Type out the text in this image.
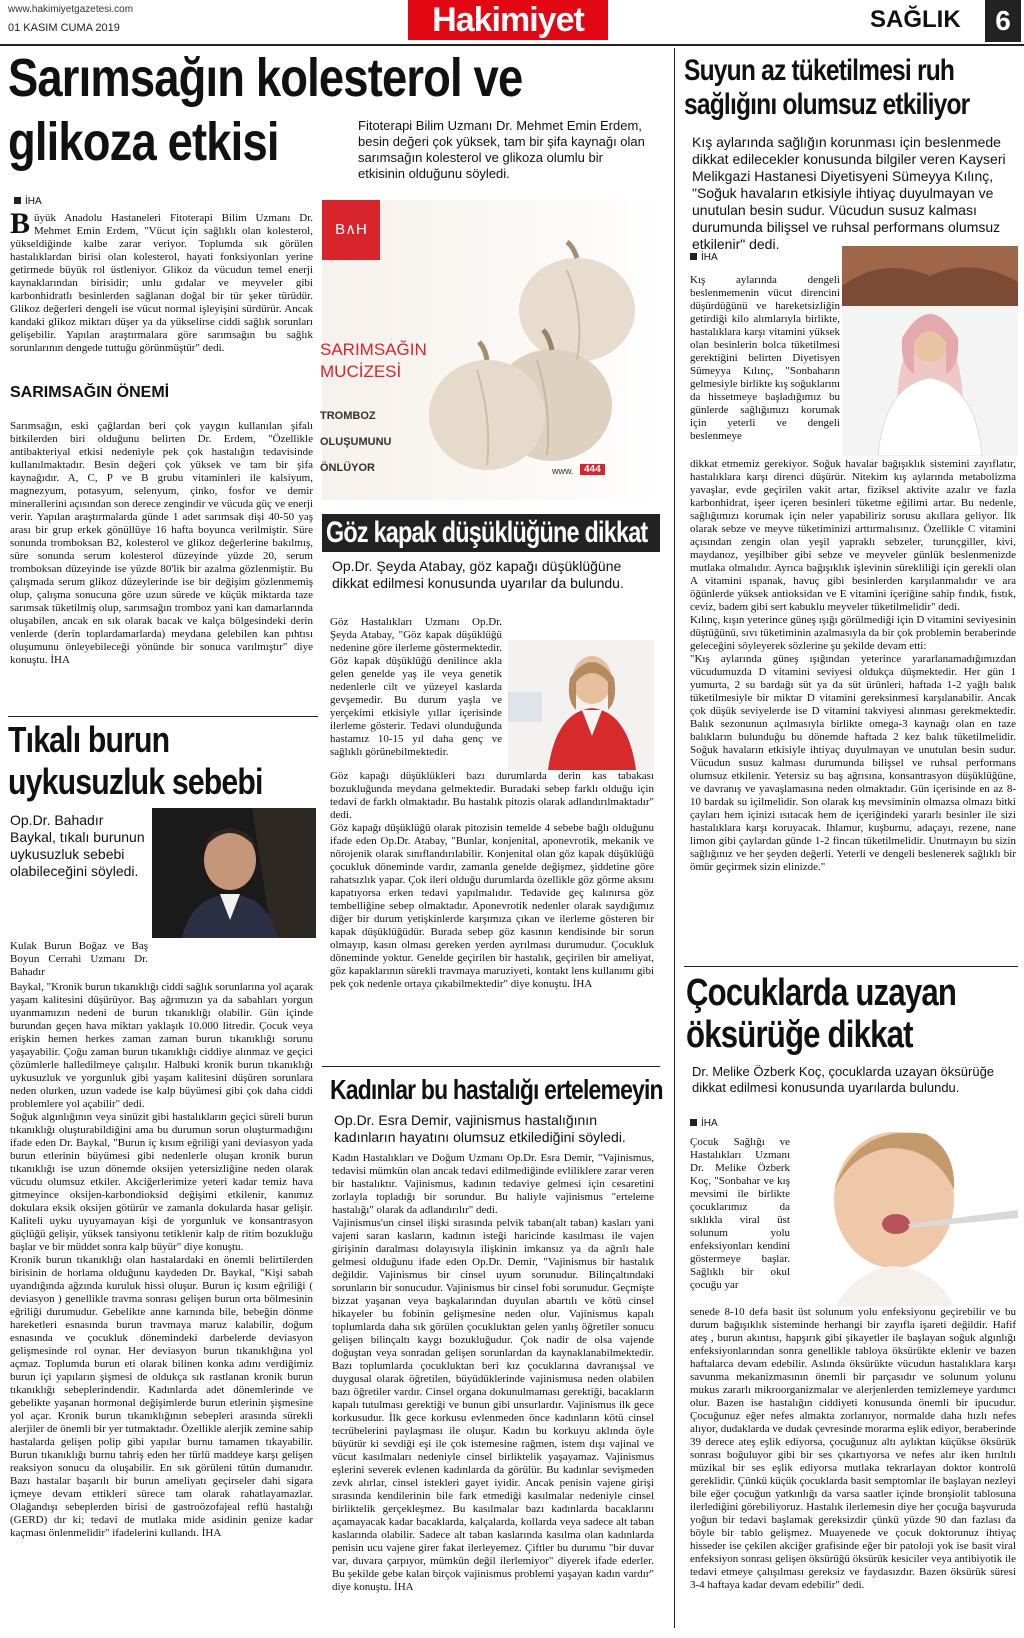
www.hakimiyetgazetesi.com
01 KASIM CUMA 2019	Hakimiyet	SAĞLIK	6
Sarımsağın kolesterol ve
glikoza etkisi	Fitoterapi Bilim Uzmanı Dr. Mehmet Emin Erdem, besin değeri çok yüksek, tam bir şifa kaynağı olan sarımsağın kolesterol ve glikoza olumlu bir etkisinin olduğunu söyledi.
İHA
Büyük Anadolu Hastaneleri Fitoterapi Bilim Uzmanı Dr. Mehmet Emin Erdem, "Vücut için sağlıklı olan kolesterol, yükseldiğinde kalbe zarar veriyor. Toplumda sık görülen hastalıklardan birisi olan kolesterol, hayati fonksiyonları yerine getirmede büyük rol üstleniyor. Glikoz da vücudun temel enerji kaynaklarından birisidir; unlu gıdalar ve meyveler gibi karbonhidratlı besinlerden sağlanan doğal bir tür şeker türüdür. Glikoz değerleri dengeli ise vücut normal işleyişini sürdürür. Ancak kandaki glikoz miktarı düşer ya da yükselirse ciddi sağlık sorunları gelişebilir. Yapılan araştırmalara göre sarımsağın bu sağlık sorunlarının dengede tuttuğu görünmüştür" dedi.
SARIMSAĞIN ÖNEMİ
Sarımsağın, eski çağlardan beri çok yaygın kullanılan şifalı bitkilerden biri olduğunu belirten Dr. Erdem, "Özellikle antibakteriyal etkisi nedeniyle pek çok hastalığın tedavisinde kullanılmaktadır. Besin değeri çok yüksek ve tam bir şifa kaynağıdır. A, C, P ve B grubu vitaminleri ile kalsiyum, magnezyum, potasyum, selenyum, çinko, fosfor ve demir minerallerini açısından son derece zengindir ve vücuda güç ve enerji verir. Yapılan araştırmalarda günde 1 adet sarımsak dişi 40-50 yaş arası bir grup erkek gönüllüye 16 hafta boyunca verilmiştir. Süre sonunda tromboksan B2, kolesterol ve glikoz değerlerine bakılmış, süre sonunda serum kolesterol düzeyinde yüzde 20, serum tromboksan düzeyinde ise yüzde 80'lik bir azalma gözlenmiştir. Bu çalışmada serum glikoz düzeylerinde ise bir değişim gözlenmemiş olup, çalışma sonucuna göre uzun sürede ve küçük miktarda taze sarımsak tüketilmiş olup, sarımsağın tromboz yani kan damarlarında oluşabilen, ancak en sık olarak bacak ve kalça bölgesindeki derin venlerde (derin toplardamarlarda) meydana gelebilen kan pıhtısı oluşumunu önleyebileceği yönünde bir sonuca varılmıştır" diye konuştu. İHA
B∧H
SARIMSAĞIN
MUCİZESİ
TROMBOZ
OLUŞUMUNU
ÖNLÜYOR	www.	444
Tıkalı burun
uykusuzluk sebebi
Op.Dr. Bahadır Baykal, tıkalı burunun uykusuzluk sebebi olabileceğini söyledi.
Kulak Burun Boğaz ve Baş Boyun Cerrahi Uzmanı Dr. Bahadır
Baykal, "Kronik burun tıkanıklığı ciddi sağlık sorunlarına yol açarak yaşam kalitesini düşürüyor. Baş ağrımızın ya da sabahları yorgun uyanmamızın nedeni de burun tıkanıklığı olabilir. Gün içinde burundan geçen hava miktarı yaklaşık 10.000 litredir. Çocuk veya erişkin hemen herkes zaman zaman burun tıkanıklığı sorunu yaşayabilir. Çoğu zaman burun tıkanıklığı ciddiye alınmaz ve geçici çözümlerle halledilmeye çalışılır. Halbuki kronik burun tıkanıklığı uykusuzluk ve yorgunluk gibi yaşam kalitesini düşüren sorunlara neden olurken, uzun vadede ise kalp büyümesi gibi çok daha ciddi problemlere yol açabilir" dedi.
Soğuk algınlığının veya sinüzit gibi hastalıkların geçici süreli burun tıkanıklığı oluşturabildiğini ama bu durumun sorun oluşturmadığını ifade eden Dr. Baykal, "Burun iç kısım eğriliği yani deviasyon yada burun etlerinin büyümesi gibi nedenlerle oluşan kronik burun tıkanıklığı ise uzun dönemde oksijen yetersizliğine neden olarak vücudu olumsuz etkiler. Akciğerlerimize yeteri kadar temiz hava gitmeyince oksijen-karbondioksid değişimi etkilenir, kanımız dokulara eksik oksijen götürür ve zamanla dokularda hasar gelişir. Kaliteli uyku uyuyamayan kişi de yorgunluk ve konsantrasyon güçlüğü gelişir, yüksek tansiyonu tetiklenir kalp de ritim bozukluğu başlar ve bir müddet sonra kalp büyür" diye konuştu.
Kronik burun tıkanıklığı olan hastalardaki en önemli belirtilerden birisinin de horlama olduğunu kaydeden Dr. Baykal, "Kişi sabah uyandığında ağzında kuruluk hissi oluşur. Burun iç kısım eğriliği ( deviasyon ) genellikle travma sonrası gelişen burun orta bölmesinin eğriliği durumudur. Gebelikte anne karnında bile, bebeğin dönme hareketleri esnasında burun travmaya maruz kalabilir, doğum esnasında ve çocukluk dönemindeki darbelerde deviasyon gelişmesinde rol oynar. Her deviasyon burun tıkanıklığına yol açmaz. Toplumda burun eti olarak bilinen konka adını verdiğimiz burun içi yapıların şişmesi de oldukça sık rastlanan kronik burun tıkanıklığı sebeplerindendir. Kadınlarda adet dönemlerinde ve gebelikte yaşanan hormonal değişimlerde burun etlerinin şişmesine yol açar. Kronik burun tıkanıklığının sebepleri arasında sürekli alerjiler de önemli bir yer tutmaktadır. Özellikle alerjik zemine sahip hastalarda gelişen polip gibi yapılar burnu tamamen tıkayabilir. Burun tıkanıklığı burnu tahriş eden her türlü maddeye karşı gelişen reaksiyon sonucu da oluşabilir. En sık görüleni tütün dumanıdır. Bazı hastalar başarılı bir burun ameliyatı geçirseler dahi sigara içmeye devam ettikleri sürece tam olarak rahatlayamazlar. Olağandışı sebeplerden birisi de gastroözofajeal reflü hastalığı (GERD) dır ki; tedavi de mutlaka mide asidinin genize kadar kaçması önlenmelidir" ifadelerini kullandı. İHA
Göz kapak düşüklüğüne dikkat
Op.Dr. Şeyda Atabay, göz kapağı düşüklüğüne dikkat edilmesi konusunda uyarılar da bulundu.
Göz Hastalıkları Uzmanı Op.Dr. Şeyda Atabay, "Göz kapak düşüklüğü nedenine göre ilerleme göstermektedir. Göz kapak düşüklüğü denilince akla gelen genelde yaş ile veya genetik nedenlerle cilt ve yüzeyel kaslarda gevşemedir. Bu durum yaşla ve yerçekimi etkisiyle yıllar içerisinde ilerleme gösterir. Tedavi olunduğunda hastamız 10-15 yıl daha genç ve sağlıklı görünebilmektedir.
Göz kapağı düşüklükleri bazı durumlarda derin kas tabakası bozukluğunda meydana gelmektedir. Buradaki sebep farklı olduğu için tedavi de farklı olmaktadır. Bu hastalık pitozis olarak adlandırılmaktadır" dedi.
Göz kapağı düşüklüğü olarak pitozisin temelde 4 sebebe bağlı olduğunu ifade eden Op.Dr. Atabay, "Bunlar, konjenital, aponevrotik, mekanik ve nörojenik olarak sınıflandırılabilir. Konjenital olan göz kapak düşüklüğü çocukluk döneminde vardır, zamanla genelde değişmez, şiddetine göre rahatsızlık yapar. Çok ileri olduğu durumlarda özellikle göz görme aksını kapatıyorsa erken tedavi yapılmalıdır. Tedavide geç kalınırsa göz tembelliğine sebep olmaktadır. Aponevrotik nedenler olarak saydığımız diğer bir durum yetişkinlerde karşımıza çıkan ve ilerleme gösteren bir kapak düşüklüğüdür. Burada sebep göz kasının kendisinde bir sorun olmayıp, kasın olması gereken yerden ayrılması durumudur. Çocukluk döneminde yoktur. Genelde geçirilen bir hastalık, geçirilen bir ameliyat, göz kapaklarının sürekli travmaya maruziyeti, kontakt lens kullanımı gibi pek çok nedenle ortaya çıkabilmektedir" diye konuştu. İHA
Kadınlar bu hastalığı ertelemeyin
Op.Dr. Esra Demir, vajinismus hastalığının kadınların hayatını olumsuz etkilediğini söyledi.
Kadın Hastalıkları ve Doğum Uzmanı Op.Dr. Esra Demir, "Vajinismus, tedavisi mümkün olan ancak tedavi edilmediğinde evliliklere zarar veren bir hastalıktır. Vajinismus, kadının tedaviye gelmesi için cesaretini zorlayla topladığı bir sorundur. Bu haliyle vajinismus "erteleme hastalığı" olarak da adlandırılır" dedi.
Vajinismus'un cinsel ilişki sırasında pelvik taban(alt taban) kasları yani vajeni saran kasların, kadının isteği haricinde kasılması ile vajen girişinin daralması dolayısıyla ilişkinin imkansız ya da ağrılı hale gelmesi olduğunu ifade eden Op.Dr. Demir, "Vajinismus bir hastalık değildir. Vajinismus bir cinsel uyum sorunudur. Bilinçaltındaki sorunların bir sonucudur. Vajinismus bir cinsel fobi sorunudur. Geçmişte bizzat yaşanan veya başkalarından duyulan abartılı ve kötü cinsel hikayeler bu fobinin gelişmesine neden olur. Vajinismus kapalı toplumlarda daha sık görülen çocukluktan gelen yanlış öğretiler sonucu gelişen bilinçaltı kaygı bozukluğudur. Çok nadir de olsa vajende doğuştan veya sonradan gelişen sorunlardan da kaynaklanabilmektedir. Bazı toplumlarda çocukluktan beri kız çocuklarına davranışsal ve duygusal olarak öğretilen, büyüdüklerinde vajinismusa neden olabilen bazı öğretiler vardır. Cinsel organa dokunulmaması gerektiği, bacakların kapalı tutulması gerektiği ve bunun gibi unsurlardır. Vajinismus ilk gece korkusudur. İlk gece korkusu evlenmeden önce kadınların kötü cinsel tecrübelerini paylaşması ile oluşur. Kadın bu korkuyu aklında öyle büyütür ki sevdiği eşi ile çok istemesine rağmen, istem dışı vajinal ve vücut kasılmaları nedeniyle cinsel birliktelik yaşayamaz. Vajinismus eşlerini severek evlenen kadınlarda da görülür. Bu kadınlar sevişmeden zevk alırlar, cinsel istekleri gayet iyidir. Ancak penisin vajene girişi sırasında kendilerinin bile fark etmediği kasılmalar nedeniyle cinsel birliktelik gerçekleşmez. Bu kasılmalar bazı kadınlarda bacaklarını açamayacak kadar bacaklarda, kalçalarda, kollarda veya sadece alt taban kaslarında olabilir. Sadece alt taban kaslarında kasılma olan kadınlarda penisin ucu vajene girer fakat ilerleyemez. Çiftler bu durumu "bir duvar var, duvara çarpıyor, mümkün değil ilerlemiyor" diyerek ifade ederler. Bu şekilde gebe kalan birçok vajinismus problemi yaşayan kadın vardır" diye konuştu. İHA
Suyun az tüketilmesi ruh
sağlığını olumsuz etkiliyor
Kış aylarında sağlığın korunması için beslenmede dikkat edilecekler konusunda bilgiler veren Kayseri Melikgazi Hastanesi Diyetisyeni Sümeyya Kılınç, "Soğuk havaların etkisiyle ihtiyaç duyulmayan ve unutulan besin sudur. Vücudun susuz kalması durumunda bilişsel ve ruhsal performans olumsuz etkilenir" dedi.
İHA
Kış aylarında dengeli beslenmemenin vücut direncini düşürdüğünü ve hareketsizliğin getirdiği kilo alımlarıyla birlikte, hastalıklara karşı vitamini yüksek olan besinlerin bolca tüketilmesi gerektiğini belirten Diyetisyen Sümeyya Kılınç, "Sonbaharın gelmesiyle birlikte kış soğuklarını da hissetmeye başladığımız bu günlerde sağlığımızı korumak için yeterli ve dengeli beslenmeye
dikkat etmemiz gerekiyor. Soğuk havalar bağışıklık sistemini zayıflatır, hastalıklara karşı direnci düşürür. Nitekim kış aylarında metabolizma yavaşlar, evde geçirilen vakit artar, fiziksel aktivite azalır ve fazla karbonhidrat, işeer içeren besinleri tüketme eğilimi artar. Bu nedenle, sağlığımızı korumak için neler yapabiliriz sorusu akıllara geliyor. İlk olarak sebze ve meyve tüketiminizi arttırmalısınız. Özellikle C vitamini açısından zengin olan yeşil yapraklı sebzeler, turunçgiller, kivi, maydanoz, yeşilbiber gibi sebze ve meyveler günlük beslenmenizde mutlaka olmalıdır. Ayrıca bağışıklık işlevinin sürekliliği için gerekli olan A vitamini ıspanak, havuç gibi besinlerden karşılanmalıdır ve ara öğünlerde yüksek antioksidan ve E vitamini içeriğine sahip fındık, fıstık, ceviz, badem gibi sert kabuklu meyveler tüketilmelidir" dedi.
Kılınç, kışın yeterince güneş ışığı görülmediği için D vitamini seviyesinin düştüğünü, sıvı tüketiminin azalmasıyla da bir çok problemin beraberinde geleceğini söyleyerek sözlerine şu şekilde devam etti:
"Kış aylarında güneş ışığından yeterince yararlanamadığımızdan vücudumuzda D vitamini seviyesi oldukça düşmektedir. Her gün 1 yumurta, 2 su bardağı süt ya da süt ürünleri, haftada 1-2 yağlı balık tüketilmesiyle bir miktar D vitamini gereksinmesi karşılanabilir. Ancak çok düşük seviyelerde ise D vitamini takviyesi alınması gerekmektedir. Balık sezonunun açılmasıyla birlikte omega-3 kaynağı olan en taze balıkların bulunduğu bu dönemde haftada 2 kez balık tüketilmelidir. Soğuk havaların etkisiyle ihtiyaç duyulmayan ve unutulan besin sudur. Vücudun susuz kalması durumunda bilişsel ve ruhsal performans olumsuz etkilenir. Yetersiz su baş ağrısına, konsantrasyon düşüklüğüne, ve davranış ve yavaşlamasına neden olmaktadır. Gün içerisinde en az 8-10 bardak su içilmelidir. Son olarak kış mevsiminin olmazsa olmazı bitki çayları hem içinizi ısıtacak hem de içeriğindeki yararlı besinler ile sizi hastalıklara karşı koruyacak. Ihlamur, kuşburnu, adaçayı, rezene, nane limon gibi çaylardan günde 1-2 fincan tüketilmelidir. Unutmayın bu sizin sağlığınız ve her şeyden değerli. Yeterli ve dengeli beslenerek sağlıklı bir ömür geçirmek sizin elinizde."
Çocuklarda uzayan
öksürüğe dikkat
Dr. Melike Özberk Koç, çocuklarda uzayan öksürüğe dikkat edilmesi konusunda uyarılarda bulundu.
İHA
Çocuk Sağlığı ve Hastalıkları Uzmanı Dr. Melike Özberk Koç, "Sonbahar ve kış mevsimi ile birlikte çocuklarımız da sıklıkla viral üst solunum yolu enfeksiyonları kendini göstermeye başlar. Sağlıklı bir okul çocuğu yar
senede 8-10 defa basit üst solunum yolu enfeksiyonu geçirebilir ve bu durum bağışıklık sisteminde herhangi bir zayıfla işareti değildir. Hafif ateş , burun akıntısı, hapşırık gibi şikayetler ile başlayan soğuk algınlığı enfeksiyonlarından sonra genellikle tabloya öksürükte eklenir ve bazen haftalarca devam edebilir. Aslında öksürükte vücudun hastalıklara karşı savunma mekanizmasının önemli bir parçasıdır ve solunum yolunu mukus zararlı mikroorganizmalar ve alerjenlerden temizlemeye yardımcı olur. Bazen ise hastalığın ciddiyeti konusunda önemli bir ipucudur. Çocuğunuz eğer nefes almakta zorlanıyor, normalde daha hızlı nefes alıyor, dudaklarda ve dudak çevresinde morarma eşlik ediyor, beraberinde 39 derece ateş eşlik ediyorsa, çocuğunuz altı aylıktan küçükse öksürük sonrası boğuluyor gibi bir ses çıkartıyorsa ve nefes alır iken hırıltılı müzikal bir ses eşlik ediyorsa mutlaka tekrarlayan doktor kontrolü gereklidir. Çünkü küçük çocuklarda basit semptomlar ile başlayan nezleyi bile eğer çocuğun yatkınlığı da varsa saatler içinde bronşiolit tablosuna ilerlediğini görebiliyoruz. Hastalık ilerlemesin diye her çocuğa başvuruda yoğun bir tedavi başlamak gereksizdir çünkü yüzde 90 dan fazlası da böyle bir tablo gelişmez. Muayenede ve çocuk doktorunuz ihtiyaç hisseder ise çekilen akciğer grafisinde eğer bir patoloji yok ise basit viral enfeksiyon sonrası gelişen öksürüğü öksürük kesiciler veya antibiyotik ile tedavi etmeye çalışılması gereksiz ve faydasızdır. Bazen öksürük süresi 3-4 haftaya kadar devam edebilir" dedi.
